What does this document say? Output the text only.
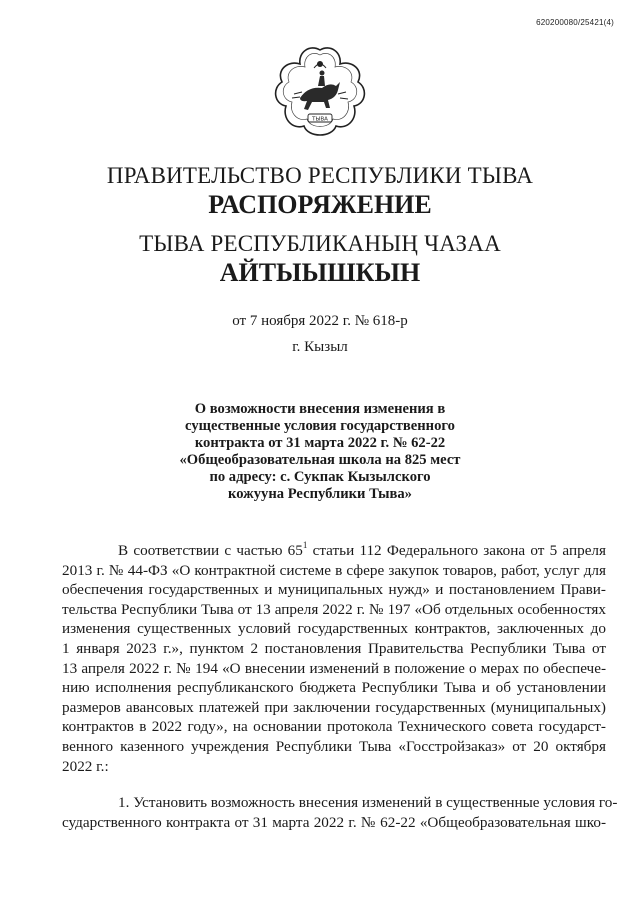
620200080/25421(4)
ТЫВА
ПРАВИТЕЛЬСТВО РЕСПУБЛИКИ ТЫВА
РАСПОРЯЖЕНИЕ
ТЫВА РЕСПУБЛИКАНЫҢ ЧАЗАА
АЙТЫЫШКЫН
от 7 ноября 2022 г. № 618-р
г. Кызыл
О возможности внесения изменения в
существенные условия государственного
контракта от 31 марта 2022 г. № 62-22
«Общеобразовательная школа на 825 мест
по адресу: с. Сукпак Кызылского
кожууна Республики Тыва»
В соответствии с частью $65^1$ статьи 112 Федерального закона от 5 апреля
2013 г. № 44-ФЗ «О контрактной системе в сфере закупок товаров, работ, услуг для
обеспечения государственных и муниципальных нужд» и постановлением Прави-
тельства Республики Тыва от 13 апреля 2022 г. № 197 «Об отдельных особенностях
изменения существенных условий государственных контрактов, заключенных до
1 января 2023 г.», пунктом 2 постановления Правительства Республики Тыва от
13 апреля 2022 г. № 194 «О внесении изменений в положение о мерах по обеспече-
нию исполнения республиканского бюджета Республики Тыва и об установлении
размеров авансовых платежей при заключении государственных (муниципальных)
контрактов в 2022 году», на основании протокола Технического совета государст-
венного казенного учреждения Республики Тыва «Госстройзаказ» от 20 октября
2022 г.:
1. Установить возможность внесения изменений в существенные условия го-
сударственного контракта от 31 марта 2022 г. № 62-22 «Общеобразовательная шко-
